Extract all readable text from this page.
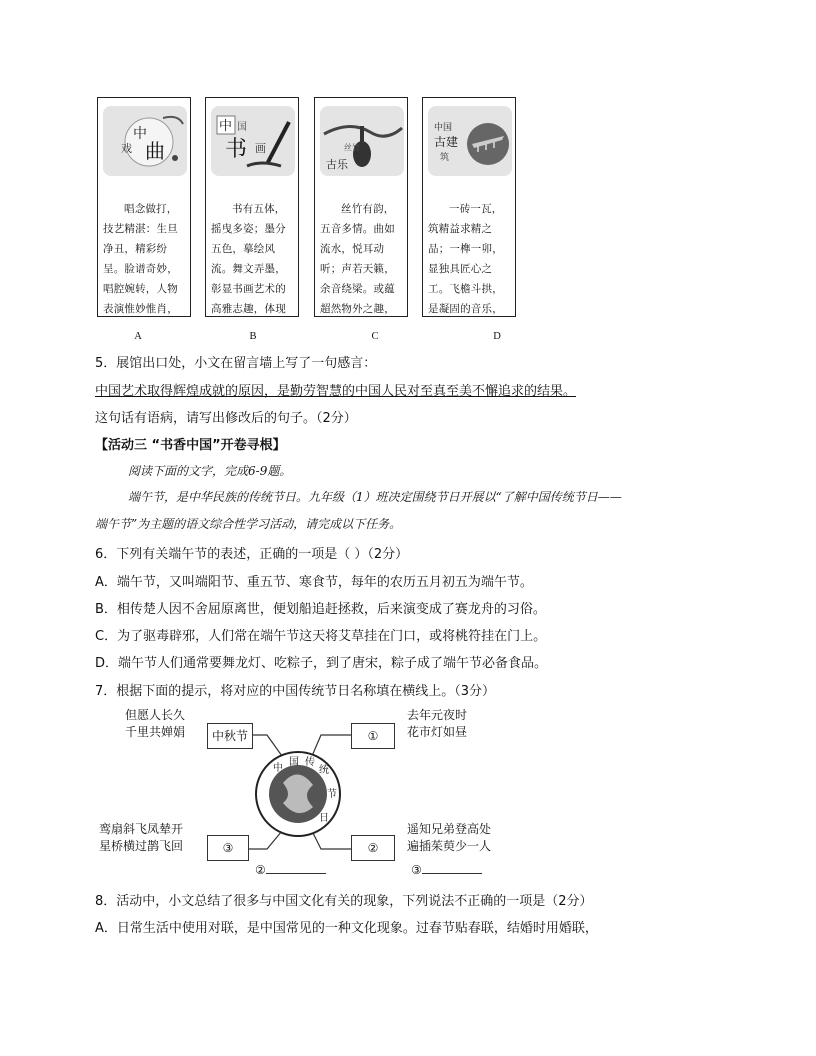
中
曲
戏
唱念做打，技艺精湛：生旦净丑，精彩纷呈。脸谱奇妙，唱腔婉转，人物表演惟妙惟肖，
中 国
书 画
书有五体，摇曳多姿；墨分五色，摹绘风流。舞文弄墨，彰显书画艺术的高雅志趣，体现
古乐
丝竹
丝竹有韵，五音多情。曲如流水，悦耳动听；声若天籁，余音绕梁。或蕴超然物外之趣，
中国
古建
筑
一砖一瓦，筑精益求精之品；一榫一卯，显独具匠心之工。飞檐斗拱，是凝固的音乐，
A	B	C	D
5．展馆出口处，小文在留言墙上写了一句感言：
中国艺术取得辉煌成就的原因，是勤劳智慧的中国人民对至真至美不懈追求的结果。
这句话有语病，请写出修改后的句子。（2分）
【活动三 “书香中国”开卷寻根】
阅读下面的文字，完成6-9题。
端午节，是中华民族的传统节日。九年级（1）班决定围绕节日开展以“了解中国传统节日——
端午节”为主题的语文综合性学习活动，请完成以下任务。
6．下列有关端午节的表述，正确的一项是（ ）（2分）
A．端午节，又叫端阳节、重五节、寒食节，每年的农历五月初五为端午节。
B．相传楚人因不舍屈原离世，便划船追赶拯救，后来演变成了赛龙舟的习俗。
C．为了驱毒辟邪，人们常在端午节这天将艾草挂在门口，或将桃符挂在门上。
D．端午节人们通常要舞龙灯、吃粽子，到了唐宋，粽子成了端午节必备食品。
7．根据下面的提示，将对应的中国传统节日名称填在横线上。（3分）
中
国 传
统
节
日
但愿人长久
千里共婵娟	中秋节	①
去年元夜时
花市灯如昼
鸾扇斜飞凤辇开
星桥横过鹊飞回	③	②
遥知兄弟登高处
遍插茱萸少一人
②	③
8．活动中，小文总结了很多与中国文化有关的现象，下列说法不正确的一项是（2分）
A．日常生活中使用对联，是中国常见的一种文化现象。过春节贴春联，结婚时用婚联，
